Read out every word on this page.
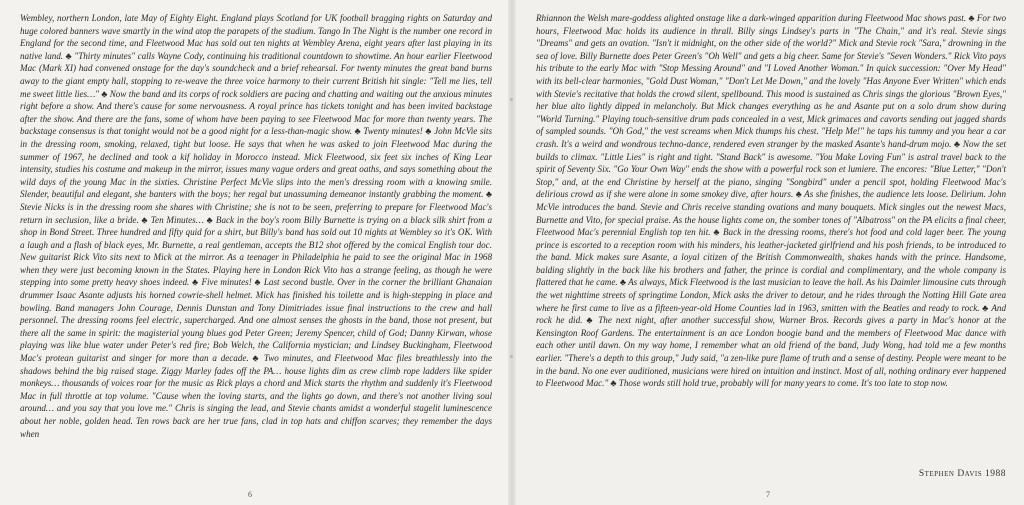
Wembley, northern London, late May of Eighty Eight. England plays Scotland for UK football bragging rights on Saturday and huge colored banners wave smartly in the wind atop the parapets of the stadium. Tango In The Night is the number one record in England for the second time, and Fleetwood Mac has sold out ten nights at Wembley Arena, eight years after last playing in its native land. ♣ "Thirty minutes" calls Wayne Cody, continuing his traditional countdown to showtime. An hour earlier Fleetwood Mac (Mark XI) had convened onstage for the day's soundcheck and a brief rehearsal. For twenty minutes the great band burns away to the giant empty hall, stopping to re-weave the three voice harmony to their current British hit single: "Tell me lies, tell me sweet little lies…" ♣ Now the band and its corps of rock soldiers are pacing and chatting and waiting out the anxious minutes right before a show. And there's cause for some nervousness. A royal prince has tickets tonight and has been invited backstage after the show. And there are the fans, some of whom have been paying to see Fleetwood Mac for more than twenty years. The backstage consensus is that tonight would not be a good night for a less-than-magic show. ♣ Twenty minutes! ♣ John McVie sits in the dressing room, smoking, relaxed, tight but loose. He says that when he was asked to join Fleetwood Mac during the summer of 1967, he declined and took a kif holiday in Morocco instead. Mick Fleetwood, six feet six inches of King Lear intensity, studies his costume and makeup in the mirror, issues many vague orders and great oaths, and says something about the wild days of the young Mac in the sixties. Christine Perfect McVie slips into the men's dressing room with a knowing smile. Slender, beautiful and elegant, she banters with the boys; her regal but unassuming demeanor instantly grabbing the moment. ♣ Stevie Nicks is in the dressing room she shares with Christine; she is not to be seen, preferring to prepare for Fleetwood Mac's return in seclusion, like a bride. ♣ Ten Minutes… ♣ Back in the boy's room Billy Burnette is trying on a black silk shirt from a shop in Bond Street. Three hundred and fifty quid for a shirt, but Billy's band has sold out 10 nights at Wembley so it's OK. With a laugh and a flash of black eyes, Mr. Burnette, a real gentleman, accepts the B12 shot offered by the comical English tour doc. New guitarist Rick Vito sits next to Mick at the mirror. As a teenager in Philadelphia he paid to see the original Mac in 1968 when they were just becoming known in the States. Playing here in London Rick Vito has a strange feeling, as though he were stepping into some pretty heavy shoes indeed. ♣ Five minutes! ♣ Last second bustle. Over in the corner the brilliant Ghanaian drummer Isaac Asante adjusts his horned cowrie-shell helmet. Mick has finished his toilette and is high-stepping in place and bowling. Band managers John Courage, Dennis Dunstan and Tony Dimitriades issue final instructions to the crew and hall personnel. The dressing rooms feel electric, supercharged. And one almost senses the ghosts in the band, those not present, but there all the same in spirit: the magisterial young blues god Peter Green; Jeremy Spencer, child of God; Danny Kirwan, whose playing was like blue water under Peter's red fire; Bob Welch, the California mystician; and Lindsey Buckingham, Fleetwood Mac's protean guitarist and singer for more than a decade. ♣ Two minutes, and Fleetwood Mac files breathlessly into the shadows behind the big raised stage. Ziggy Marley fades off the PA… house lights dim as crew climb rope ladders like spider monkeys… thousands of voices roar for the music as Rick plays a chord and Mick starts the rhythm and suddenly it's Fleetwood Mac in full throttle at top volume. "Cause when the loving starts, and the lights go down, and there's not another living soul around… and you say that you love me." Chris is singing the lead, and Stevie chants amidst a wonderful stagelit luminescence about her noble, golden head. Ten rows back are her true fans, clad in top hats and chiffon scarves; they remember the days when

6

Rhiannon the Welsh mare-goddess alighted onstage like a dark-winged apparition during Fleetwood Mac shows past. ♣ For two hours, Fleetwood Mac holds its audience in thrall. Billy sings Lindsey's parts in "The Chain," and it's real. Stevie sings "Dreams" and gets an ovation. "Isn't it midnight, on the other side of the world?" Mick and Stevie rock "Sara," drowning in the sea of love. Billy Burnette does Peter Green's "Oh Well" and gets a big cheer. Same for Stevie's "Seven Wonders." Rick Vito pays his tribute to the early Mac with "Stop Messing Around" and "I Loved Another Woman." In quick succession: "Over My Head" with its bell-clear harmonies, "Gold Dust Woman," "Don't Let Me Down," and the lovely "Has Anyone Ever Written" which ends with Stevie's recitative that holds the crowd silent, spellbound. This mood is sustained as Chris sings the glorious "Brown Eyes," her blue alto lightly dipped in melancholy. But Mick changes everything as he and Asante put on a solo drum show during "World Turning." Playing touch-sensitive drum pads concealed in a vest, Mick grimaces and cavorts sending out jagged shards of sampled sounds. "Oh God," the vest screams when Mick thumps his chest. "Help Me!" he taps his tummy and you hear a car crash. It's a weird and wondrous techno-dance, rendered even stranger by the masked Asante's hand-drum mojo. ♣ Now the set builds to climax. "Little Lies" is right and tight. "Stand Back" is awesome. "You Make Loving Fun" is astral travel back to the spirit of Seventy Six. "Go Your Own Way" ends the show with a powerful rock son et lumiere. The encores: "Blue Letter," "Don't Stop," and, at the end Christine by herself at the piano, singing "Songbird" under a pencil spot, holding Fleetwood Mac's delirious crowd as if she were alone in some smokey dive, after hours. ♣ As she finishes, the audience lets loose. Delirium. John McVie introduces the band. Stevie and Chris receive standing ovations and many bouquets. Mick singles out the newest Macs, Burnette and Vito, for special praise. As the house lights come on, the somber tones of "Albatross" on the PA elicits a final cheer, Fleetwood Mac's perennial English top ten hit. ♣ Back in the dressing rooms, there's hot food and cold lager beer. The young prince is escorted to a reception room with his minders, his leather-jacketed girlfriend and his posh friends, to be introduced to the band. Mick makes sure Asante, a loyal citizen of the British Commonwealth, shakes hands with the prince. Handsome, balding slightly in the back like his brothers and father, the prince is cordial and complimentary, and the whole company is flattered that he came. ♣ As always, Mick Fleetwood is the last musician to leave the hall. As his Daimler limousine cuts through the wet nighttime streets of springtime London, Mick asks the driver to detour, and he rides through the Notting Hill Gate area where he first came to live as a fifteen-year-old Home Counties lad in 1963, smitten with the Beatles and ready to rock. ♣ And rock he did. ♣ The next night, after another successful show, Warner Bros. Records gives a party in Mac's honor at the Kensington Roof Gardens. The entertainment is an ace London boogie band and the members of Fleetwood Mac dance with each other until dawn. On my way home, I remember what an old friend of the band, Judy Wong, had told me a few months earlier. "There's a depth to this group," Judy said, "a zen-like pure flame of truth and a sense of destiny. People were meant to be in the band. No one ever auditioned, musicians were hired on intuition and instinct. Most of all, nothing ordinary ever happened to Fleetwood Mac." ♣ Those words still hold true, probably will for many years to come. It's too late to stop now.

Stephen Davis 1988
7
